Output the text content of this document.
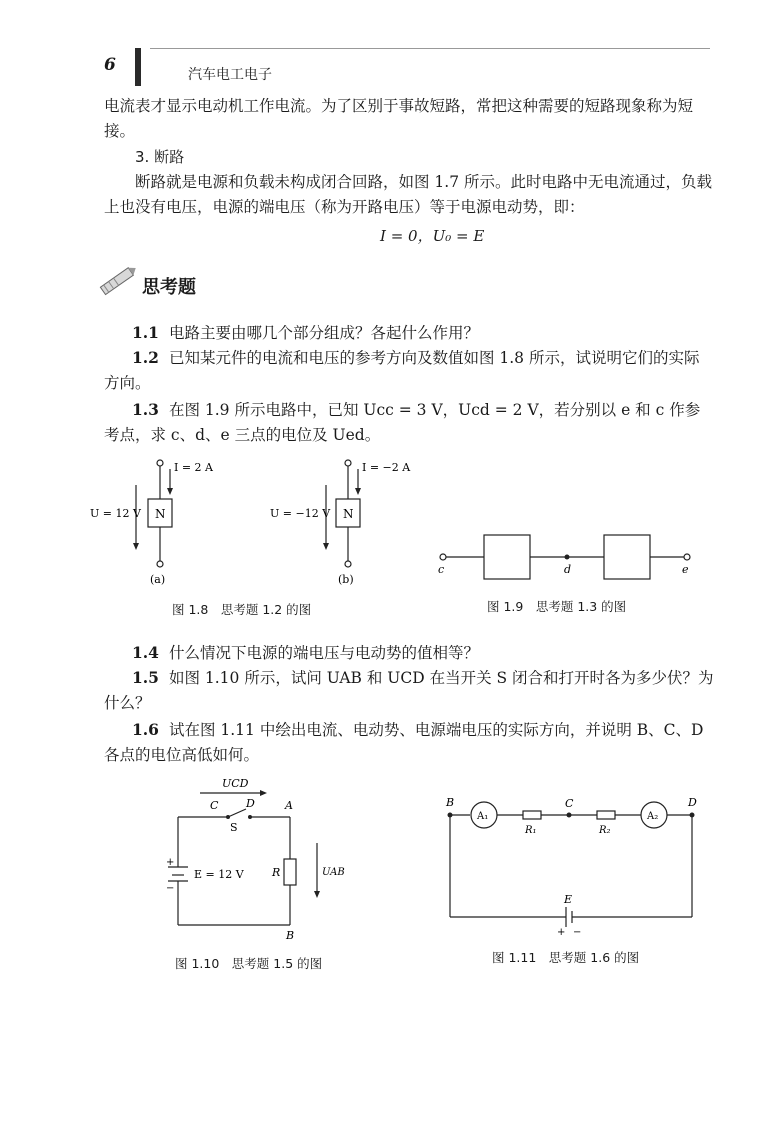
6	汽车电工电子
电流表才显示电动机工作电流。为了区别于事故短路，常把这种需要的短路现象称为短接。
3. 断路
断路就是电源和负载未构成闭合回路，如图 1.7 所示。此时电路中无电流通过，负载上也没有电压，电源的端电压（称为开路电压）等于电源电动势，即：
I = 0，U₀ = E
思考题
1.1 电路主要由哪几个部分组成？各起什么作用？
1.2 已知某元件的电流和电压的参考方向及数值如图 1.8 所示，试说明它们的实际方向。
1.3 在图 1.9 所示电路中，已知 Ucc = 3 V，Ucd = 2 V，若分别以 e 和 c 作参考点，求 c、d、e 三点的电位及 Ued。
I = 2 A
U = 12 V N
(a)
I = −2 A
U = −12 V N
(b)
图 1.8　思考题 1.2 的图
c	d	e
图 1.9　思考题 1.3 的图
1.4 什么情况下电源的端电压与电动势的值相等？
1.5 如图 1.10 所示，试问 UAB 和 UCD 在当开关 S 闭合和打开时各为多少伏？为什么？
1.6 试在图 1.11 中绘出电流、电动势、电源端电压的实际方向，并说明 B、C、D 各点的电位高低如何。
UCD
C	D	A
S
+
−
E = 12 V	R	UAB
B
图 1.10　思考题 1.5 的图
B	C	D
A₁	A₂
R₁	R₂
E
+ −
图 1.11　思考题 1.6 的图
